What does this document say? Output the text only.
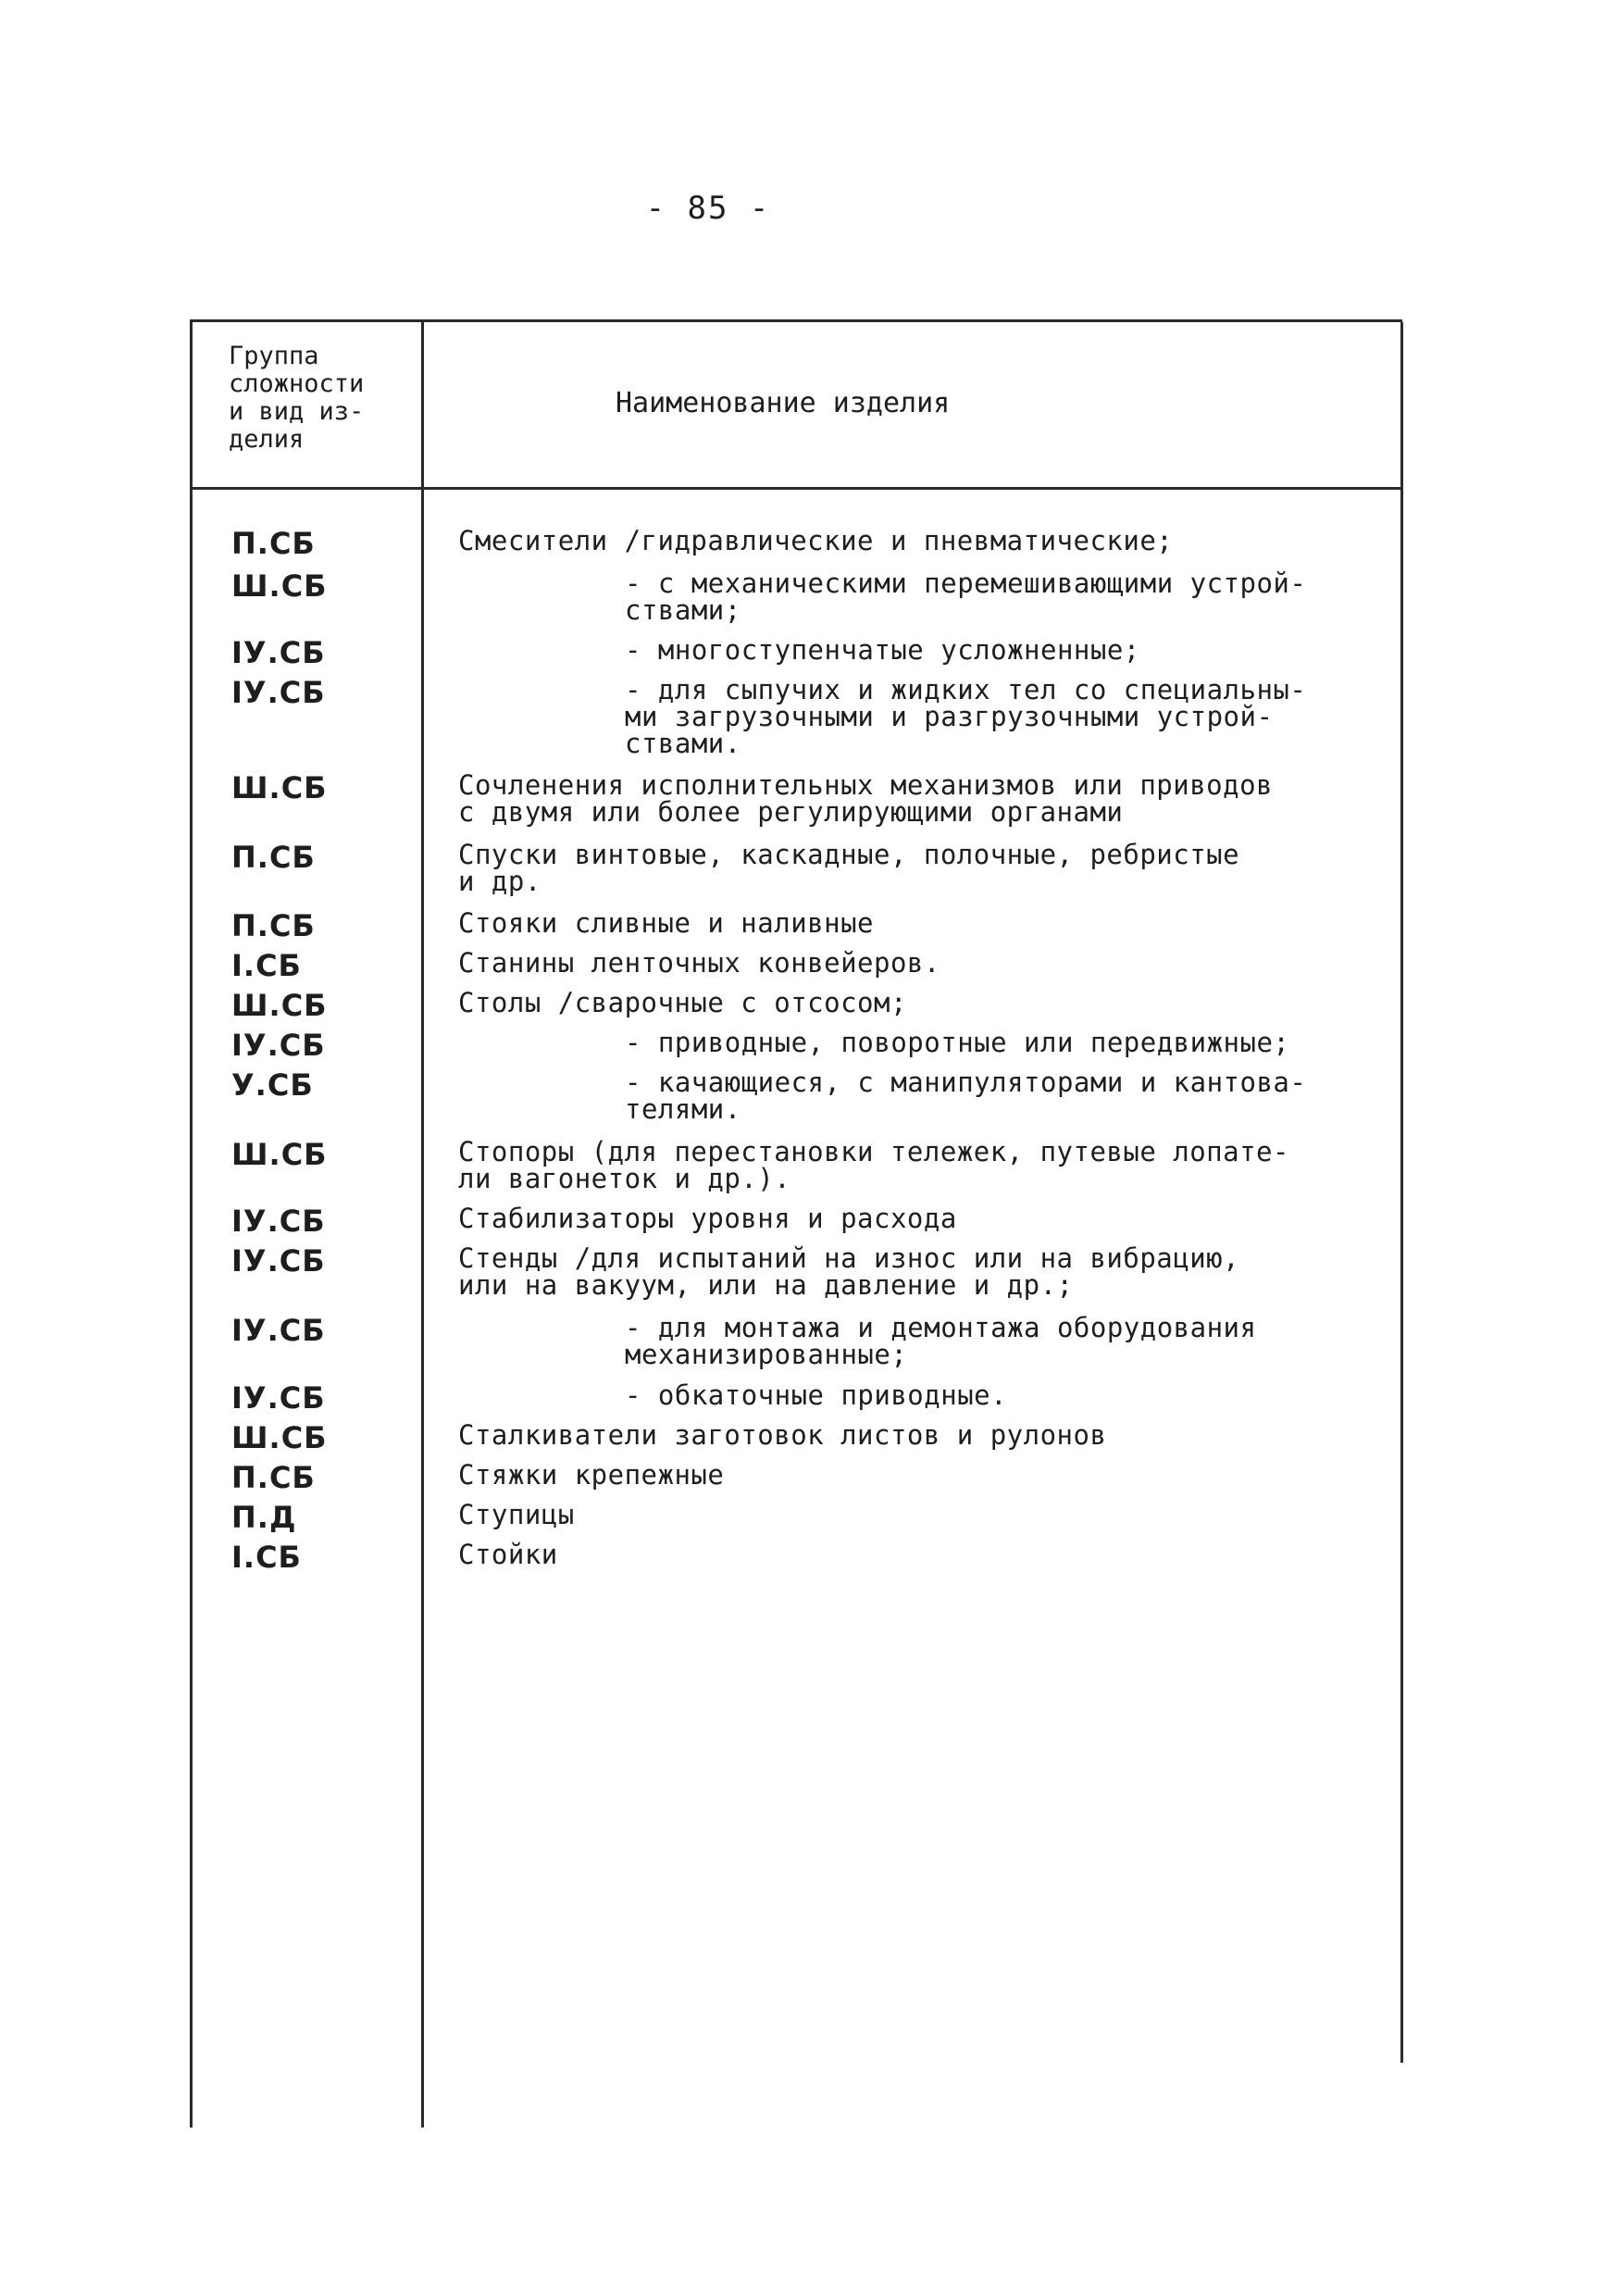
- 85 -

Группа
сложности
и вид из-
делия

Наименование изделия
П.СБ	Смесители /гидравлические и пневматические;
Ш.СБ	- с механическими перемешивающими устрой-
ствами;
IУ.СБ	- многоступенчатые усложненные;
IУ.СБ	- для сыпучих и жидких тел со специальны-
ми загрузочными и разгрузочными устрой-
ствами.
Ш.СБ	Сочленения исполнительных механизмов или приводов
с двумя или более регулирующими органами
П.СБ	Спуски винтовые, каскадные, полочные, ребристые
и др.
П.СБ	Стояки сливные и наливные
I.СБ	Станины ленточных конвейеров.
Ш.СБ	Столы /сварочные с отсосом;
IУ.СБ	- приводные, поворотные или передвижные;
У.СБ	- качающиеся, с манипуляторами и кантова-
телями.
Ш.СБ	Стопоры (для перестановки тележек, путевые лопате-
ли вагонеток и др.).
IУ.СБ	Стабилизаторы уровня и расхода
IУ.СБ	Стенды /для испытаний на износ или на вибрацию,
или на вакуум, или на давление и др.;
IУ.СБ	- для монтажа и демонтажа оборудования
механизированные;
IУ.СБ	- обкаточные приводные.
Ш.СБ	Сталкиватели заготовок листов и рулонов
П.СБ	Стяжки крепежные
П.Д	Ступицы
I.СБ	Стойки
